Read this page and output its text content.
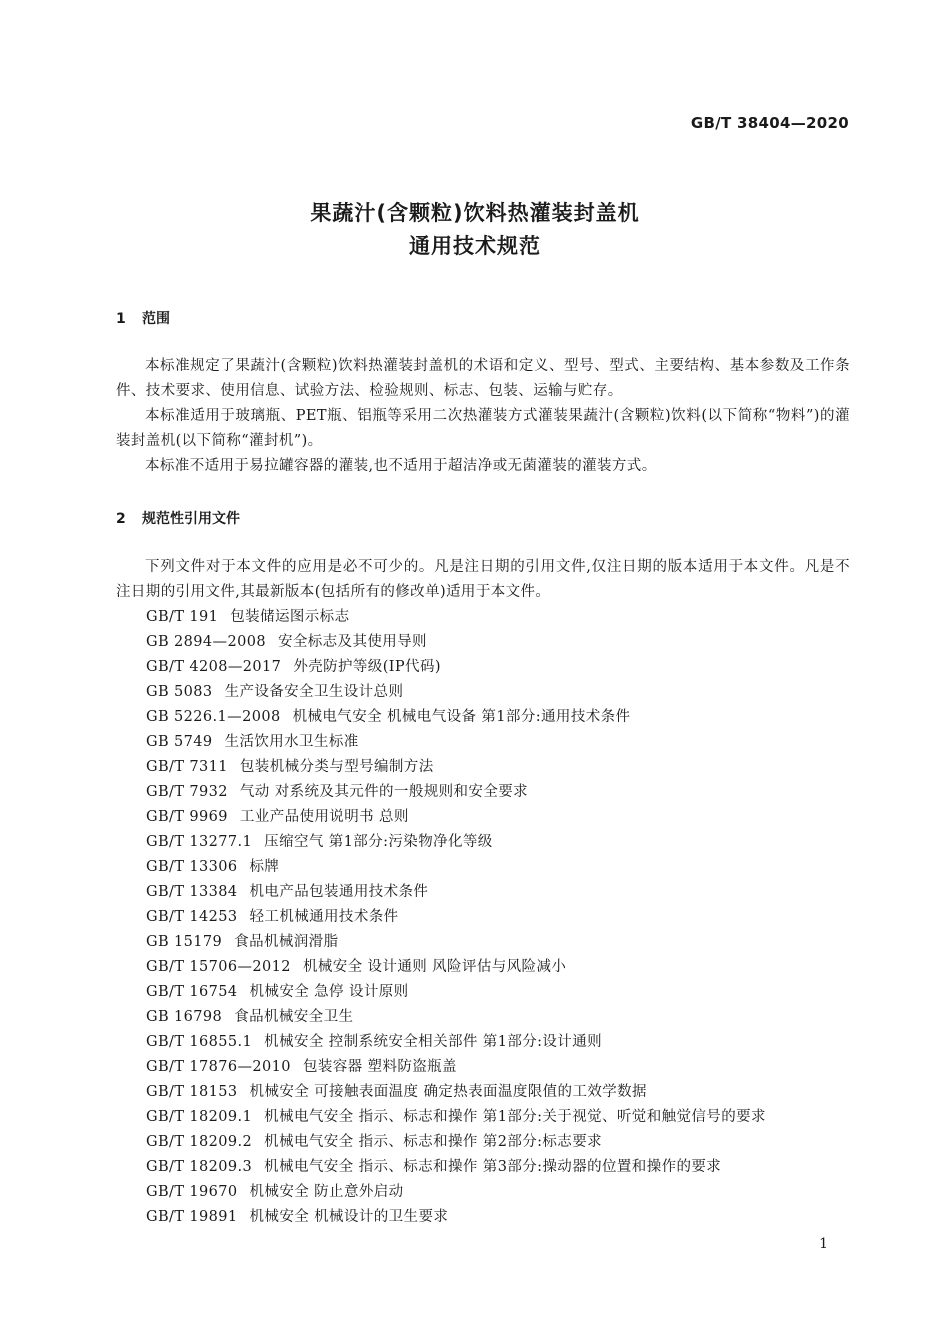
GB/T 38404—2020
果蔬汁(含颗粒)饮料热灌装封盖机
通用技术规范
1 范围
本标准规定了果蔬汁(含颗粒)饮料热灌装封盖机的术语和定义、型号、型式、主要结构、基本参数及工作条件、技术要求、使用信息、试验方法、检验规则、标志、包装、运输与贮存。
本标准适用于玻璃瓶、PET瓶、铝瓶等采用二次热灌装方式灌装果蔬汁(含颗粒)饮料(以下简称“物料”)的灌装封盖机(以下简称“灌封机”)。
本标准不适用于易拉罐容器的灌装,也不适用于超洁净或无菌灌装的灌装方式。
2 规范性引用文件
下列文件对于本文件的应用是必不可少的。凡是注日期的引用文件,仅注日期的版本适用于本文件。凡是不注日期的引用文件,其最新版本(包括所有的修改单)适用于本文件。
GB/T 191 包装储运图示标志
GB 2894—2008 安全标志及其使用导则
GB/T 4208—2017 外壳防护等级(IP代码)
GB 5083 生产设备安全卫生设计总则
GB 5226.1—2008 机械电气安全 机械电气设备 第1部分:通用技术条件
GB 5749 生活饮用水卫生标准
GB/T 7311 包装机械分类与型号编制方法
GB/T 7932 气动 对系统及其元件的一般规则和安全要求
GB/T 9969 工业产品使用说明书 总则
GB/T 13277.1 压缩空气 第1部分:污染物净化等级
GB/T 13306 标牌
GB/T 13384 机电产品包装通用技术条件
GB/T 14253 轻工机械通用技术条件
GB 15179 食品机械润滑脂
GB/T 15706—2012 机械安全 设计通则 风险评估与风险减小
GB/T 16754 机械安全 急停 设计原则
GB 16798 食品机械安全卫生
GB/T 16855.1 机械安全 控制系统安全相关部件 第1部分:设计通则
GB/T 17876—2010 包装容器 塑料防盗瓶盖
GB/T 18153 机械安全 可接触表面温度 确定热表面温度限值的工效学数据
GB/T 18209.1 机械电气安全 指示、标志和操作 第1部分:关于视觉、听觉和触觉信号的要求
GB/T 18209.2 机械电气安全 指示、标志和操作 第2部分:标志要求
GB/T 18209.3 机械电气安全 指示、标志和操作 第3部分:操动器的位置和操作的要求
GB/T 19670 机械安全 防止意外启动
GB/T 19891 机械安全 机械设计的卫生要求
1
